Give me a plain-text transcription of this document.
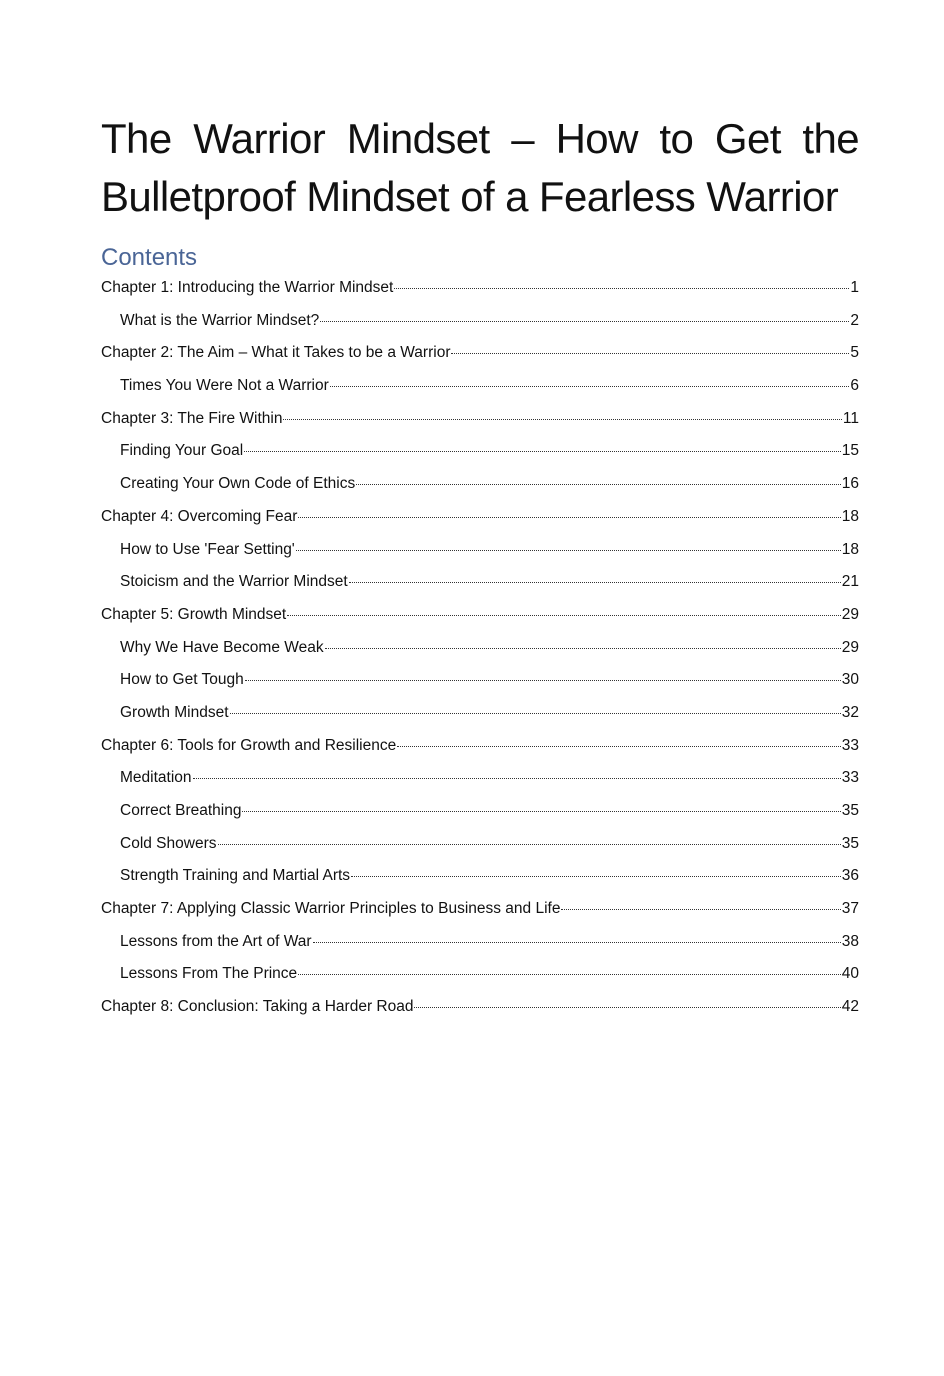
The Warrior Mindset – How to Get the
Bulletproof Mindset of a Fearless Warrior
Contents
Chapter 1: Introducing the Warrior Mindset	1
What is the Warrior Mindset?	2
Chapter 2: The Aim – What it Takes to be a Warrior	5
Times You Were Not a Warrior	6
Chapter 3: The Fire Within	11
Finding Your Goal	15
Creating Your Own Code of Ethics	16
Chapter 4: Overcoming Fear	18
How to Use 'Fear Setting'	18
Stoicism and the Warrior Mindset	21
Chapter 5: Growth Mindset	29
Why We Have Become Weak	29
How to Get Tough	30
Growth Mindset	32
Chapter 6: Tools for Growth and Resilience	33
Meditation	33
Correct Breathing	35
Cold Showers	35
Strength Training and Martial Arts	36
Chapter 7: Applying Classic Warrior Principles to Business and Life	37
Lessons from the Art of War	38
Lessons From The Prince	40
Chapter 8: Conclusion: Taking a Harder Road	42
